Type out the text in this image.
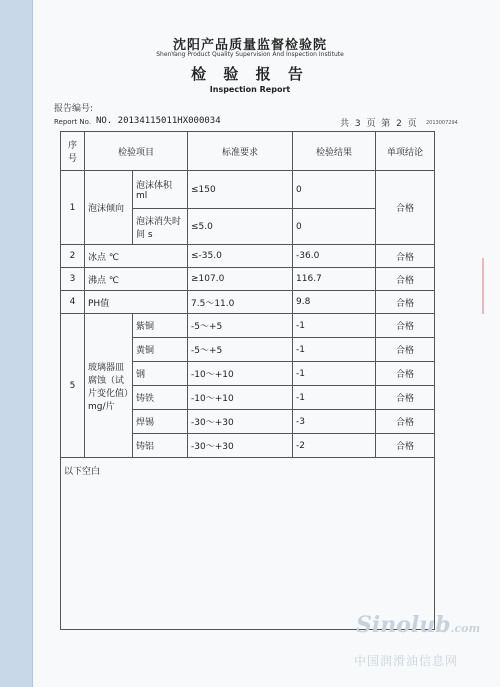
沈阳产品质量监督检验院
ShenYang Product Quality Supervision And Inspection Institute
检 验 报 告
Inspection Report
报告编号:
Report No. NO. 20134115011HX000034	共 3 页 第 2 页 2013007294
序号	检验项目		标准要求	检验结果	单项结论
1	泡沫倾向	泡沫体积 ml	≤150	0	合格
		泡沫消失时间 s	≤5.0	0	
2	冰点 ℃		≤-35.0	-36.0	合格
3	沸点 ℃		≥107.0	116.7	合格
4	PH值		7.5～11.0	9.8	合格
5	玻璃器皿腐蚀（试片变化值）mg/片	紫铜	-5～+5	-1	合格
		黄铜	-5～+5	-1	合格
		钢	-10～+10	-1	合格
		铸铁	-10～+10	-1	合格
		焊锡	-30～+30	-3	合格
		铸铝	-30～+30	-2	合格
以下空白					
Sinolub.com
中国润滑油信息网
